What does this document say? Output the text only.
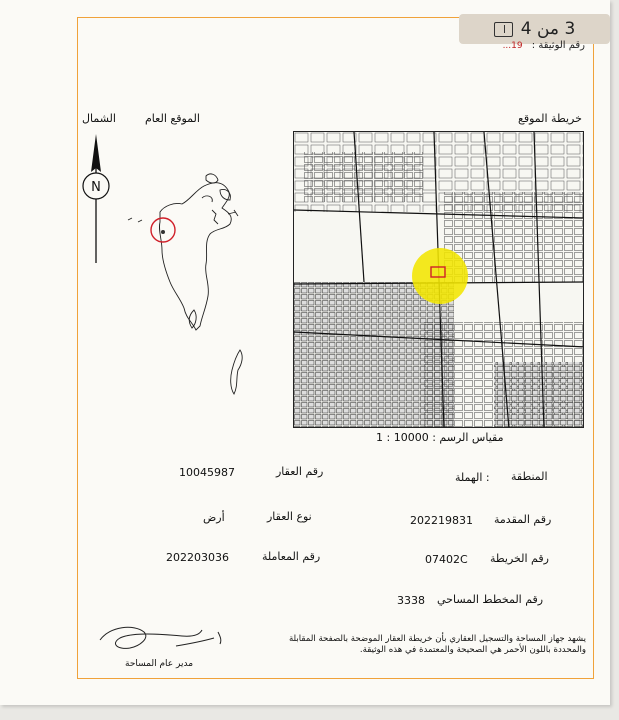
3 من 4
رقم الوثيقة : 19...
الشمال	الموقع العام
N
خريطة الموقع
مقياس الرسم : 10000 : 1
المنطقة
: الهملة
رقم العقار
10045987
رقم المقدمة
202219831
نوع العقار
أرض
رقم الخريطة
07402C
رقم المعاملة
202203036
رقم المخطط المساحي
3338
يشهد جهاز المساحة والتسجيل العقاري بأن خريطة العقار الموضحة بالصفحة المقابلة والمحددة باللون الأحمر هي الصحيحة والمعتمدة في هذه الوثيقة.
مدير عام المساحة
